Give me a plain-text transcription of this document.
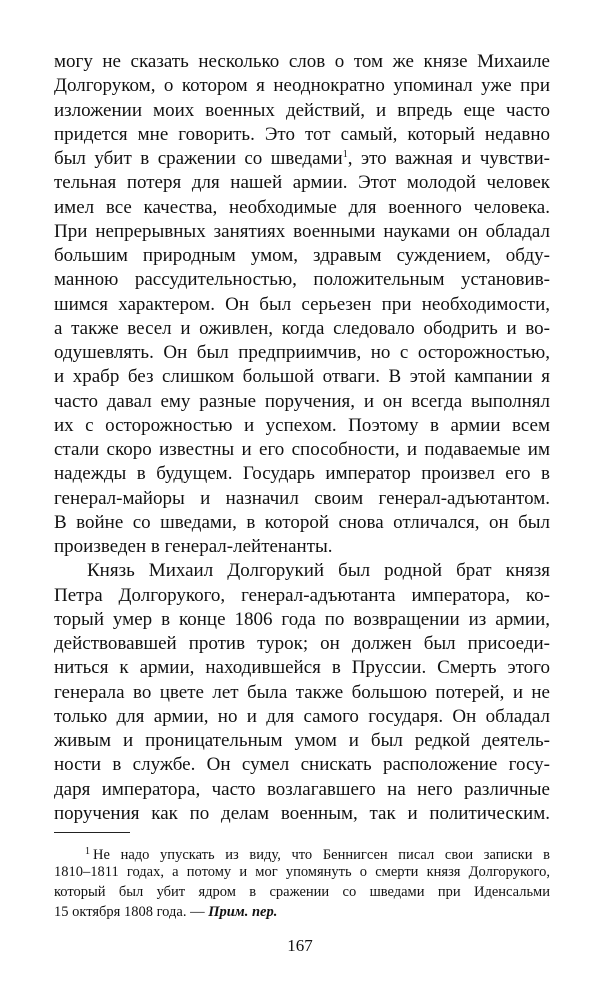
могу не сказать несколько слов о том же князе Михаиле
Долгоруком, о котором я неоднократно упоминал уже при
изложении моих военных действий, и впредь еще часто
придется мне говорить. Это тот самый, который недавно
был убит в сражении со шведами$^1$, это важная и чувстви-
тельная потеря для нашей армии. Этот молодой человек
имел все качества, необходимые для военного человека.
При непрерывных занятиях военными науками он обладал
большим природным умом, здравым суждением, обду-
манною рассудительностью, положительным установив-
шимся характером. Он был серьезен при необходимости,
а также весел и оживлен, когда следовало ободрить и во-
одушевлять. Он был предприимчив, но с осторожностью,
и храбр без слишком большой отваги. В этой кампании я
часто давал ему разные поручения, и он всегда выполнял
их с осторожностью и успехом. Поэтому в армии всем
стали скоро известны и его способности, и подаваемые им
надежды в будущем. Государь император произвел его в
генерал-майоры и назначил своим генерал-адъютантом.
В войне со шведами, в которой снова отличался, он был
произведен в генерал-лейтенанты.
Князь Михаил Долгорукий был родной брат князя
Петра Долгорукого, генерал-адъютанта императора, ко-
торый умер в конце 1806 года по возвращении из армии,
действовавшей против турок; он должен был присоеди-
ниться к армии, находившейся в Пруссии. Смерть этого
генерала во цвете лет была также большою потерей, и не
только для армии, но и для самого государя. Он обладал
живым и проницательным умом и был редкой деятель-
ности в службе. Он сумел снискать расположение госу-
даря императора, часто возлагавшего на него различные
поручения как по делам военным, так и политическим.
$^1$ Не надо упускать из виду, что Беннигсен писал свои записки в
1810–1811 годах, а потому и мог упомянуть о смерти князя Долгорукого,
который был убит ядром в сражении со шведами при Иденсальми
15 октября 1808 года. — Прим. пер.
167
